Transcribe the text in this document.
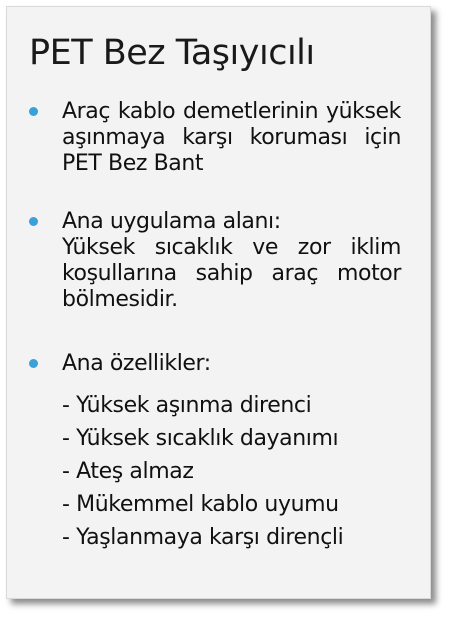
PET Bez Taşıyıcılı
Araç kablo demetlerinin yüksek aşınmaya karşı koruması için PET Bez Bant
Ana uygulama alanı:
Yüksek sıcaklık ve zor iklim koşullarına sahip araç motor bölmesidir.
Ana özellikler:
- Yüksek aşınma direnci
- Yüksek sıcaklık dayanımı
- Ateş almaz
- Mükemmel kablo uyumu
- Yaşlanmaya karşı dirençli
